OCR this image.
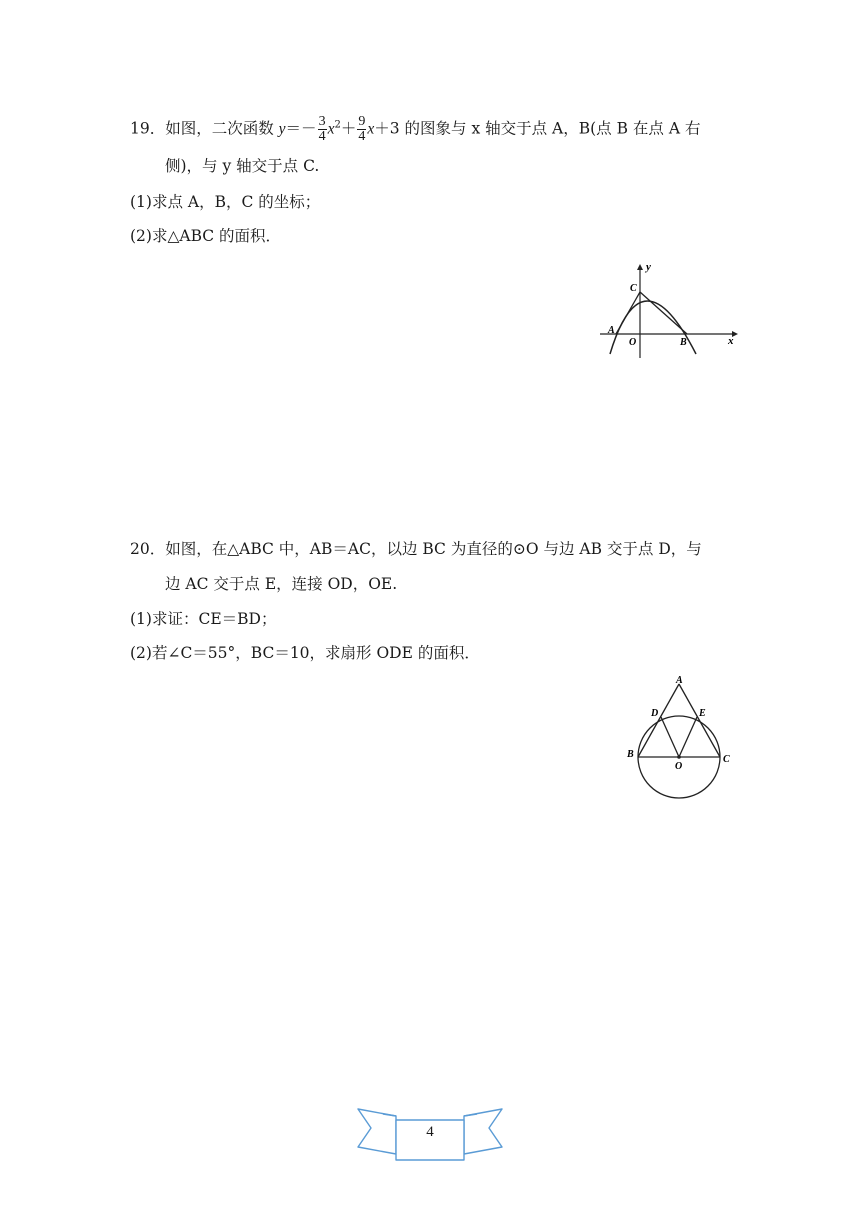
19．如图，二次函数 $y=- \frac{3}{4} x^2+ \frac{9}{4} x+3$ 的图象与 x 轴交于点 A，B(点 B 在点 A 右
侧)，与 y 轴交于点 C.
(1)求点 A，B，C 的坐标；
(2)求△ABC 的面积．
y
x
C
A
O	B
20．如图，在△ABC 中，AB＝AC，以边 BC 为直径的⊙O 与边 AB 交于点 D，与
边 AC 交于点 E，连接 OD，OE.
(1)求证：CE＝BD；
(2)若∠C＝55°，BC＝10，求扇形 ODE 的面积．
A
D	E
B
O
C
4
